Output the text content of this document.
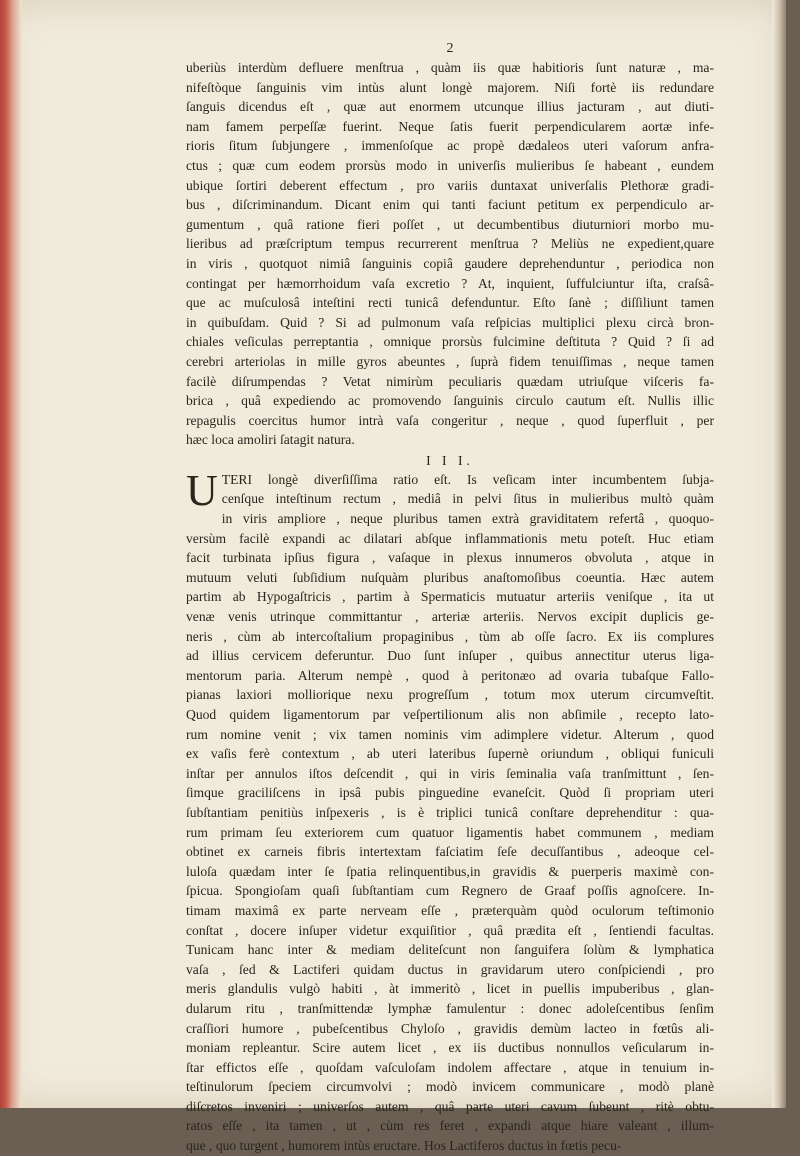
2
uberiùs interdùm defluere menſtrua , quàm iis quæ habitioris ſunt naturæ , ma-
nifeſtòque ſanguinis vim intùs alunt longè majorem. Niſi fortè iis redundare
ſanguis dicendus eſt , quæ aut enormem utcunque illius jacturam , aut diuti-
nam famem perpeſſæ fuerint. Neque ſatis fuerit perpendicularem aortæ infe-
rioris ſitum ſubjungere , immenſoſque ac propè dædaleos uteri vaſorum anfra-
ctus ; quæ cum eodem prorsùs modo in univerſis mulieribus ſe habeant , eundem
ubique ſortiri deberent effectum , pro variis duntaxat univerſalis Plethoræ gradi-
bus , diſcriminandum. Dicant enim qui tanti faciunt petitum ex perpendiculo ar-
gumentum , quâ ratione fieri poſſet , ut decumbentibus diuturniori morbo mu-
lieribus ad præſcriptum tempus recurrerent menſtrua ? Meliùs ne expedient,quare
in viris , quotquot nimiâ ſanguinis copiâ gaudere deprehenduntur , periodica non
contingat per hæmorrhoidum vaſa excretio ? At, inquient, ſuffulciuntur iſta, craſsâ-
que ac muſculosâ inteſtini recti tunicâ defenduntur. Eſto ſanè ; diſſiliunt tamen
in quibuſdam. Quid ? Si ad pulmonum vaſa reſpicias multiplici plexu circà bron-
chiales veſiculas perreptantia , omnique prorsùs fulcimine deſtituta ? Quid ? ſi ad
cerebri arteriolas in mille gyros abeuntes , ſuprà fidem tenuiſſimas , neque tamen
facilè diſrumpendas ? Vetat nimirùm peculiaris quædam utriuſque viſceris fa-
brica , quâ expediendo ac promovendo ſanguinis circulo cautum eſt. Nullis illic
repagulis coercitus humor intrà vaſa congeritur , neque , quod ſuperfluit , per
hæc loca amoliri ſatagit natura.
I I I.
U TERI longè diverſiſſima ratio eſt. Is veſicam inter incumbentem ſubja-
cenſque inteſtinum rectum , mediâ in pelvi ſitus in mulieribus multò quàm
in viris ampliore , neque pluribus tamen extrà graviditatem refertâ , quoquo-
versùm facilè expandi ac dilatari abſque inflammationis metu poteſt. Huc etiam
facit turbinata ipſius figura , vaſaque in plexus innumeros obvoluta , atque in
mutuum veluti ſubſidium nuſquàm pluribus anaſtomoſibus coeuntia. Hæc autem
partim ab Hypogaſtricis , partim à Spermaticis mutuatur arteriis veniſque , ita ut
venæ venis utrinque committantur , arteriæ arteriis. Nervos excipit duplicis ge-
neris , cùm ab intercoſtalium propaginibus , tùm ab oſſe ſacro. Ex iis complures
ad illius cervicem deferuntur. Duo ſunt inſuper , quibus annectitur uterus liga-
mentorum paria. Alterum nempè , quod à peritonæo ad ovaria tubaſque Fallo-
pianas laxiori molliorique nexu progreſſum , totum mox uterum circumveſtit.
Quod quidem ligamentorum par veſpertilionum alis non abſimile , recepto lato-
rum nomine venit ; vix tamen nominis vim adimplere videtur. Alterum , quod
ex vaſis ferè contextum , ab uteri lateribus ſupernè oriundum , obliqui funiculi
inſtar per annulos iſtos deſcendit , qui in viris ſeminalia vaſa tranſmittunt , ſen-
ſimque graciliſcens in ipsâ pubis pinguedine evaneſcit. Quòd ſi propriam uteri
ſubſtantiam penitiùs inſpexeris , is è triplici tunicâ conſtare deprehenditur : qua-
rum primam ſeu exteriorem cum quatuor ligamentis habet communem , mediam
obtinet ex carneis fibris intertextam faſciatim ſeſe decuſſantibus , adeoque cel-
luloſa quædam inter ſe ſpatia relinquentibus,in gravidis & puerperis maximè con-
ſpicua. Spongioſam quaſi ſubſtantiam cum Regnero de Graaf poſſis agnoſcere. In-
timam maximâ ex parte nerveam eſſe , præterquàm quòd oculorum teſtimonio
conſtat , docere inſuper videtur exquiſitior , quâ prædita eſt , ſentiendi facultas.
Tunicam hanc inter & mediam deliteſcunt non ſanguifera ſolùm & lymphatica
vaſa , ſed & Lactiferi quidam ductus in gravidarum utero conſpiciendi , pro
meris glandulis vulgò habiti , àt immeritò , licet in puellis impuberibus , glan-
dularum ritu , tranſmittendæ lymphæ famulentur : donec adoleſcentibus ſenſim
craſſiori humore , pubeſcentibus Chyloſo , gravidis demùm lacteo in fœtûs ali-
moniam repleantur. Scire autem licet , ex iis ductibus nonnullos veſicularum in-
ſtar effictos eſſe , quoſdam vaſculoſam indolem affectare , atque in tenuium in-
teſtinulorum ſpeciem circumvolvi ; modò invicem communicare , modò planè
diſcretos inveniri ; univerſos autem , quâ parte uteri cavum ſubeunt , ritè obtu-
ratos eſſe , ita tamen , ut , cùm res feret , expandi atque hiare valeant , illum-
que , quo turgent , humorem intùs eructare. Hos Lactiferos ductus in fœtis pecu-
